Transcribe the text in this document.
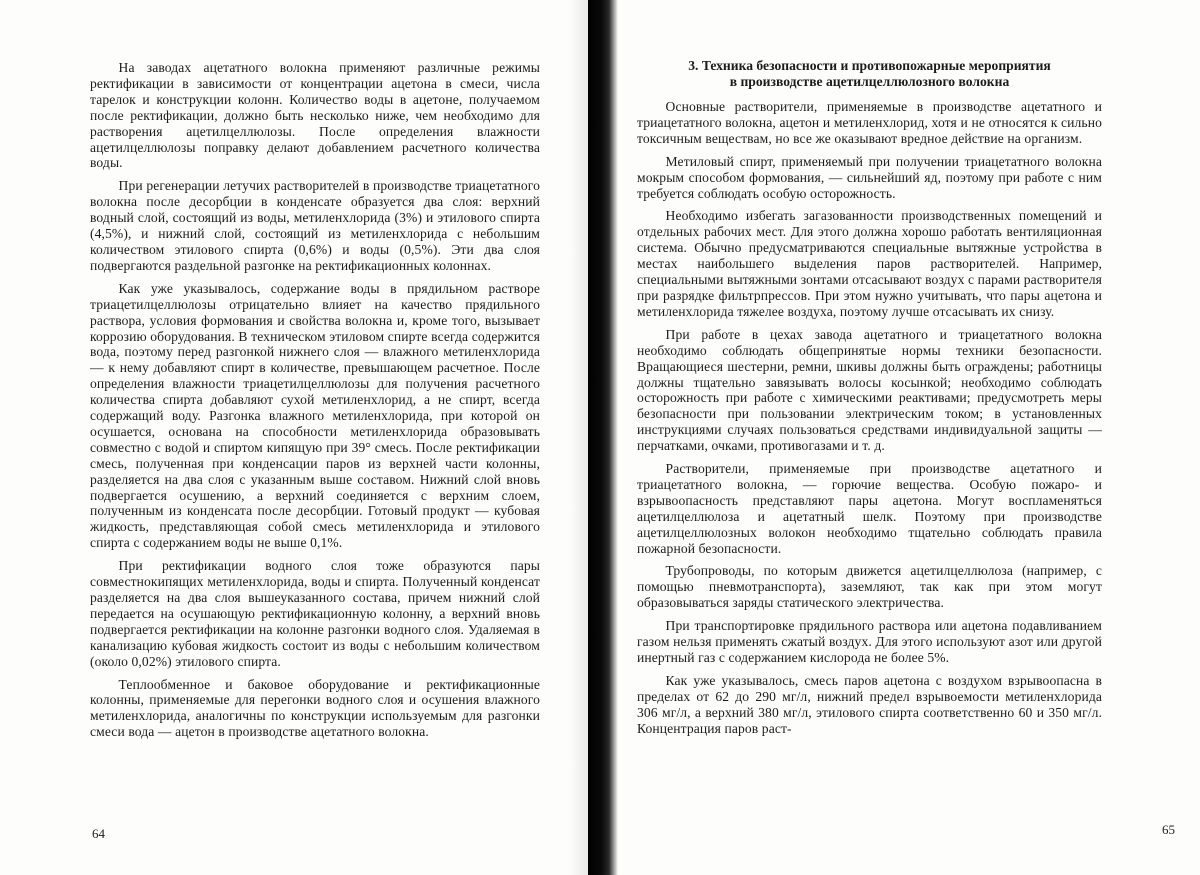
На заводах ацетатного волокна применяют различные режимы ректификации в зависимости от концентрации ацетона в смеси, числа тарелок и конструкции колонн. Количество воды в ацетоне, получаемом после ректификации, должно быть несколько ниже, чем необходимо для растворения ацетилцеллюлозы. После определения влажности ацетилцеллюлозы поправку делают добавлением расчетного количества воды.

При регенерации летучих растворителей в производстве триацетатного волокна после десорбции в конденсате образуется два слоя: верхний водный слой, состоящий из воды, метиленхлорида (3%) и этилового спирта (4,5%), и нижний слой, состоящий из метиленхлорида с небольшим количеством этилового спирта (0,6%) и воды (0,5%). Эти два слоя подвергаются раздельной разгонке на ректификационных колоннах.

Как уже указывалось, содержание воды в прядильном растворе триацетилцеллюлозы отрицательно влияет на качество прядильного раствора, условия формования и свойства волокна и, кроме того, вызывает коррозию оборудования. В техническом этиловом спирте всегда содержится вода, поэтому перед разгонкой нижнего слоя — влажного метиленхлорида — к нему добавляют спирт в количестве, превышающем расчетное. После определения влажности триацетилцеллюлозы для получения расчетного количества спирта добавляют сухой метиленхлорид, а не спирт, всегда содержащий воду. Разгонка влажного метиленхлорида, при которой он осушается, основана на способности метиленхлорида образовывать совместно с водой и спиртом кипящую при 39° смесь. После ректификации смесь, полученная при конденсации паров из верхней части колонны, разделяется на два слоя с указанным выше составом. Нижний слой вновь подвергается осушению, а верхний соединяется с верхним слоем, полученным из конденсата после десорбции. Готовый продукт — кубовая жидкость, представляющая собой смесь метиленхлорида и этилового спирта с содержанием воды не выше 0,1%.

При ректификации водного слоя тоже образуются пары совместнокипящих метиленхлорида, воды и спирта. Полученный конденсат разделяется на два слоя вышеуказанного состава, причем нижний слой передается на осушающую ректификационную колонну, а верхний вновь подвергается ректификации на колонне разгонки водного слоя. Удаляемая в канализацию кубовая жидкость состоит из воды с небольшим количеством (около 0,02%) этилового спирта.

Теплообменное и баковое оборудование и ректификационные колонны, применяемые для перегонки водного слоя и осушения влажного метиленхлорида, аналогичны по конструкции используемым для разгонки смеси вода — ацетон в производстве ацетатного волокна.

64
3. Техника безопасности и противопожарные мероприятия
в производстве ацетилцеллюлозного волокна

Основные растворители, применяемые в производстве ацетатного и триацетатного волокна, ацетон и метиленхлорид, хотя и не относятся к сильно токсичным веществам, но все же оказывают вредное действие на организм.

Метиловый спирт, применяемый при получении триацетатного волокна мокрым способом формования, — сильнейший яд, поэтому при работе с ним требуется соблюдать особую осторожность.

Необходимо избегать загазованности производственных помещений и отдельных рабочих мест. Для этого должна хорошо работать вентиляционная система. Обычно предусматриваются специальные вытяжные устройства в местах наибольшего выделения паров растворителей. Например, специальными вытяжными зонтами отсасывают воздух с парами растворителя при разрядке фильтрпрессов. При этом нужно учитывать, что пары ацетона и метиленхлорида тяжелее воздуха, поэтому лучше отсасывать их снизу.

При работе в цехах завода ацетатного и триацетатного волокна необходимо соблюдать общепринятые нормы техники безопасности. Вращающиеся шестерни, ремни, шкивы должны быть ограждены; работницы должны тщательно завязывать волосы косынкой; необходимо соблюдать осторожность при работе с химическими реактивами; предусмотреть меры безопасности при пользовании электрическим током; в установленных инструкциями случаях пользоваться средствами индивидуальной защиты — перчатками, очками, противогазами и т. д.

Растворители, применяемые при производстве ацетатного и триацетатного волокна, — горючие вещества. Особую пожаро- и взрывоопасность представляют пары ацетона. Могут воспламеняться ацетилцеллюлоза и ацетатный шелк. Поэтому при производстве ацетилцеллюлозных волокон необходимо тщательно соблюдать правила пожарной безопасности.

Трубопроводы, по которым движется ацетилцеллюлоза (например, с помощью пневмотранспорта), заземляют, так как при этом могут образовываться заряды статического электричества.

При транспортировке прядильного раствора или ацетона подавливанием газом нельзя применять сжатый воздух. Для этого используют азот или другой инертный газ с содержанием кислорода не более 5%.

Как уже указывалось, смесь паров ацетона с воздухом взрывоопасна в пределах от 62 до 290 мг/л, нижний предел взрывоемости метиленхлорида 306 мг/л, а верхний 380 мг/л, этилового спирта соответственно 60 и 350 мг/л. Концентрация паров раст-

65
